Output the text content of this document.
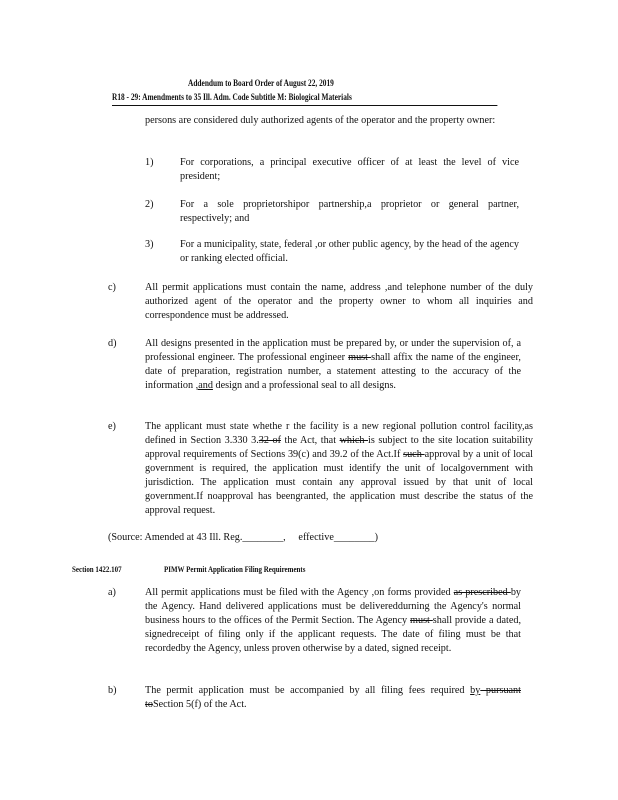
Addendum to Board Order of August 22, 2019
R18 - 29: Amendments to 35 Ill. Adm. Code Subtitle M: Biological Materials
persons are considered duly authorized agents of the operator and the property owner:
1)	For corporations, a principal executive officer of at least the level of vice president;
2)	For a sole proprietorshipor partnership,a proprietor or general partner, respectively; and
3)	For a municipality, state, federal ,or other public agency, by the head of the agency or ranking elected official.
c)	All permit applications must contain the name, address ,and telephone number of the duly authorized agent of the operator and the property owner to whom all inquiries and correspondence must be addressed.
d)	All designs presented in the application must be prepared by, or under the supervision of, a professional engineer. The professional engineer must shall affix the name of the engineer, date of preparation, registration number, a statement attesting to the accuracy of the information ,and design and a professional seal to all designs.
e)	The applicant must state whethe r the facility is a new regional pollution control facility,as defined in Section 3.330 3.32 of the Act, that which is subject to the site location suitability approval requirements of Sections 39(c) and 39.2 of the Act.If such approval by a unit of local government is required, the application must identify the unit of localgovernment with jurisdiction. The application must contain any approval issued by that unit of local government.If noapproval has beengranted, the application must describe the status of the approval request.
(Source: Amended at 43 Ill. Reg.________, effective________)
Section 1422.107	PIMW Permit Application Filing Requirements
a)	All permit applications must be filed with the Agency ,on forms provided as prescribed by the Agency. Hand delivered applications must be delivereddurning the Agency's normal business hours to the offices of the Permit Section. The Agency must shall provide a dated, signedreceipt of filing only if the applicant requests. The date of filing must be that recordedby the Agency, unless proven otherwise by a dated, signed receipt.
b)	The permit application must be accompanied by all filing fees required by pursuant toSection 5(f) of the Act.
